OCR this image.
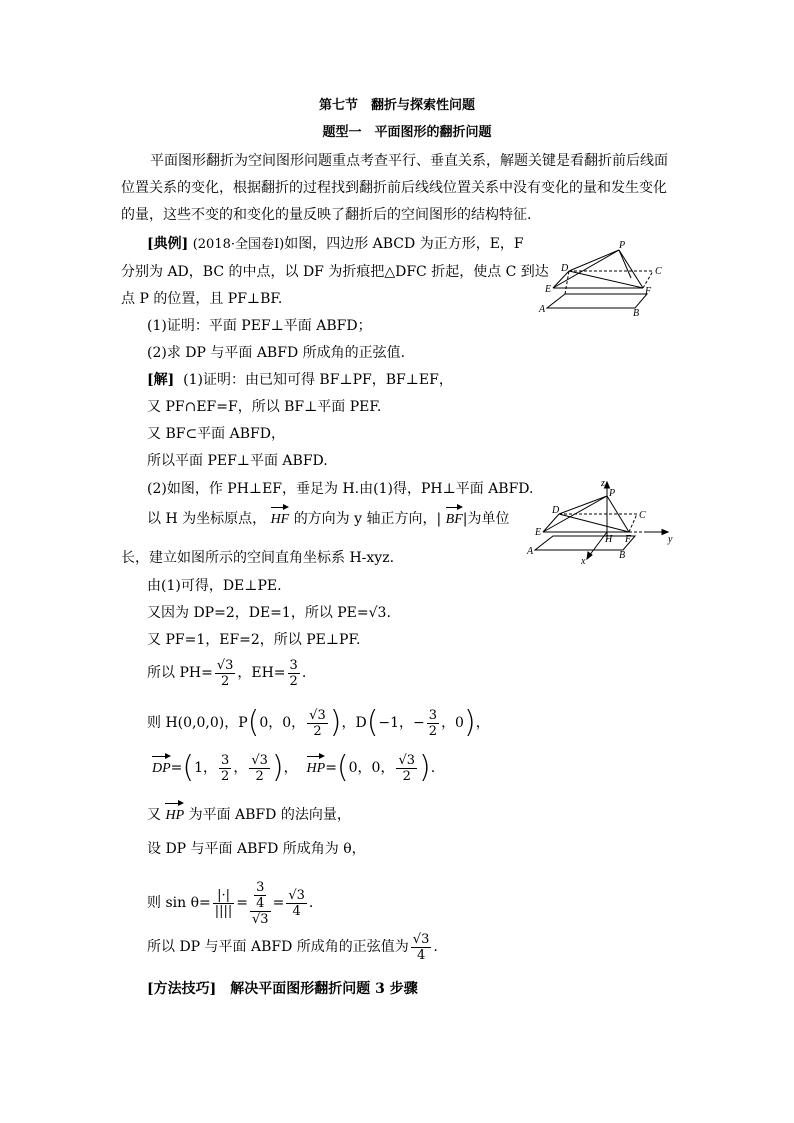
第七节　翻折与探索性问题
题型一　平面图形的翻折问题
平面图形翻折为空间图形问题重点考查平行、垂直关系，解题关键是看翻折前后线面
位置关系的变化，根据翻折的过程找到翻折前后线线位置关系中没有变化的量和发生变化
的量，这些不变的和变化的量反映了翻折后的空间图形的结构特征.
[典例] (2018·全国卷Ⅰ)如图，四边形 ABCD 为正方形，E，F
分别为 AD，BC 的中点，以 DF 为折痕把△DFC 折起，使点 C 到达
点 P 的位置，且 PF⊥BF.
(1)证明：平面 PEF⊥平面 ABFD；
(2)求 DP 与平面 ABFD 所成角的正弦值.
P
D	C
E	F
A	B
[解] (1)证明：由已知可得 BF⊥PF，BF⊥EF，
又 PF∩EF=F，所以 BF⊥平面 PEF.
又 BF⊂平面 ABFD，
所以平面 PEF⊥平面 ABFD.
(2)如图，作 PH⊥EF，垂足为 H.由(1)得，PH⊥平面 ABFD.
以 H 为坐标原点， HF 的方向为 y 轴正方向，| BF|为单位
长，建立如图所示的空间直角坐标系 H-xyz.
z
P
D	C
E
H F	y
A	B
x
由(1)可得，DE⊥PE.
又因为 DP=2，DE=1，所以 PE=√3.
又 PF=1，EF=2，所以 PE⊥PF.
所以 $PH= \frac{√3}{2}$ ，$EH= \frac{3}{2}$ .
则 H(0,0,0)，P(0，0， $\frac{√3}{2}$ )，D(−1，− $\frac{3}{2}$ ，0)，
DP=(1， $\frac{3}{2}$ ， $\frac{√3}{2}$ )，  HP=(0，0， $\frac{√3}{2}$ ).
又 HP 为平面 ABFD 的法向量，
设 DP 与平面 ABFD 所成角为 θ，
则 $\sin \theta= \frac{|\cdot|}{||||} = \frac{\frac{3}{4}}{√3} = \frac{√3}{4}$ .
所以 DP 与平面 ABFD 所成角的正弦值为 $\frac{√3}{4}$ .
[方法技巧]　解决平面图形翻折问题 3 步骤
